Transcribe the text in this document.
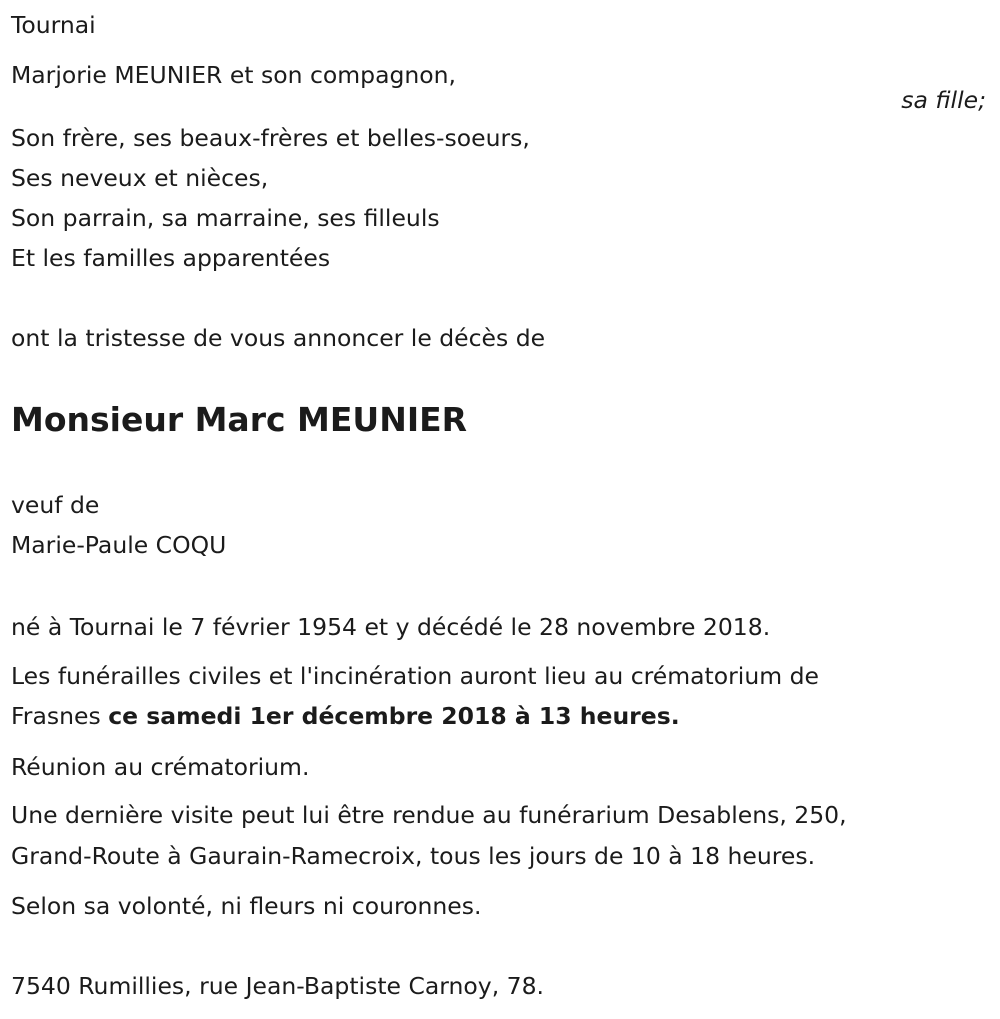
Tournai
Marjorie MEUNIER et son compagnon,
sa fille;
Son frère, ses beaux-frères et belles-soeurs,
Ses neveux et nièces,
Son parrain, sa marraine, ses filleuls
Et les familles apparentées
ont la tristesse de vous annoncer le décès de
Monsieur Marc MEUNIER
veuf de
Marie-Paule COQU
né à Tournai le 7 février 1954 et y décédé le 28 novembre 2018.
Les funérailles civiles et l'incinération auront lieu au crématorium de
Frasnes ce samedi 1er décembre 2018 à 13 heures.
Réunion au crématorium.
Une dernière visite peut lui être rendue au funérarium Desablens, 250,
Grand-Route à Gaurain-Ramecroix, tous les jours de 10 à 18 heures.
Selon sa volonté, ni fleurs ni couronnes.
7540 Rumillies, rue Jean-Baptiste Carnoy, 78.
